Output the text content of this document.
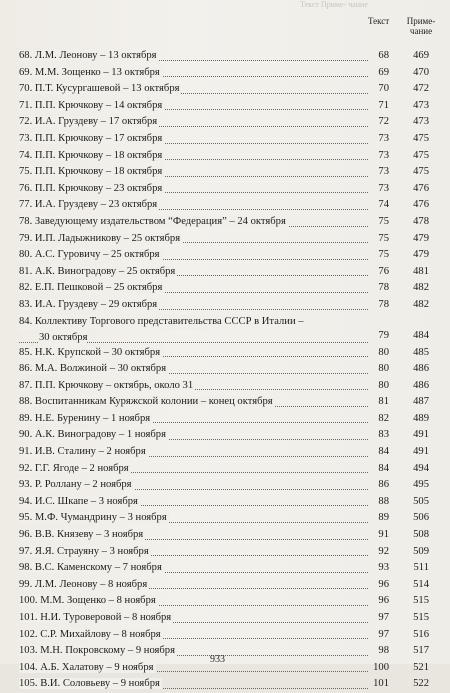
Текст Приме- чание
Текст	Приме-
чание
68. Л.М. Леонову – 13 октября	68	469
69. М.М. Зощенко – 13 октября	69	470
70. П.Т. Кусургашевой – 13 октября	70	472
71. П.П. Крючкову – 14 октября	71	473
72. И.А. Груздеву – 17 октября	72	473
73. П.П. Крючкову – 17 октября	73	475
74. П.П. Крючкову – 18 октября	73	475
75. П.П. Крючкову – 18 октября	73	475
76. П.П. Крючкову – 23 октября	73	476
77. И.А. Груздеву – 23 октября	74	476
78. Заведующему издательством “Федерация” – 24 октября	75	478
79. И.П. Ладыжникову – 25 октября	75	479
80. А.С. Гуровичу – 25 октября	75	479
81. А.К. Виноградову – 25 октября	76	481
82. Е.П. Пешковой – 25 октября	78	482
83. И.А. Груздеву – 29 октября	78	482
84. Коллективу Торгового представительства СССР в Италии –
30 октября	79	484
85. Н.К. Крупской – 30 октября	80	485
86. М.А. Волжиной – 30 октября	80	486
87. П.П. Крючкову – октябрь, около 31	80	486
88. Воспитанникам Куряжской колонии – конец октября	81	487
89. Н.Е. Буренину – 1 ноября	82	489
90. А.К. Виноградову – 1 ноября	83	491
91. И.В. Сталину – 2 ноября	84	491
92. Г.Г. Ягоде – 2 ноября	84	494
93. Р. Роллану – 2 ноября	86	495
94. И.С. Шкапе – 3 ноября	88	505
95. М.Ф. Чумандрину – 3 ноября	89	506
96. В.В. Князеву – 3 ноября	91	508
97. Я.Я. Страуяну – 3 ноября	92	509
98. В.С. Каменскому – 7 ноября	93	511
99. Л.М. Леонову – 8 ноября	96	514
100. М.М. Зощенко – 8 ноября	96	515
101. Н.И. Туроверовой – 8 ноября	97	515
102. С.Р. Михайлову – 8 ноября	97	516
103. М.Н. Покровскому – 9 ноября	98	517
104. А.Б. Халатову – 9 ноября	100	521
105. В.И. Соловьеву – 9 ноября	101	522
933
